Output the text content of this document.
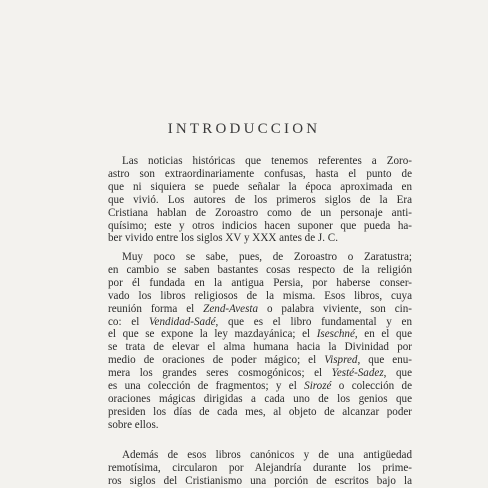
INTRODUCCION
Las noticias históricas que tenemos referentes a Zoro-
astro son extraordinariamente confusas, hasta el punto de
que ni siquiera se puede señalar la época aproximada en
que vivió. Los autores de los primeros siglos de la Era
Cristiana hablan de Zoroastro como de un personaje anti-
quísimo; este y otros indicios hacen suponer que pueda ha-
ber vivido entre los siglos XV y XXX antes de J. C.
Muy poco se sabe, pues, de Zoroastro o Zaratustra;
en cambio se saben bastantes cosas respecto de la religión
por él fundada en la antigua Persia, por haberse conser-
vado los libros religiosos de la misma. Esos libros, cuya
reunión forma el Zend-Avesta o palabra viviente, son cin-
co: el Vendidad-Sadé, que es el libro fundamental y en
el que se expone la ley mazdayánica; el Iseschné, en el que
se trata de elevar el alma humana hacia la Divinidad por
medio de oraciones de poder mágico; el Vispred, que enu-
mera los grandes seres cosmogónicos; el Yesté-Sadez, que
es una colección de fragmentos; y el Sirozé o colección de
oraciones mágicas dirigidas a cada uno de los genios que
presiden los días de cada mes, al objeto de alcanzar poder
sobre ellos.
Además de esos libros canónicos y de una antigüedad
remotísima, circularon por Alejandría durante los prime-
ros siglos del Cristianismo una porción de escritos bajo la
